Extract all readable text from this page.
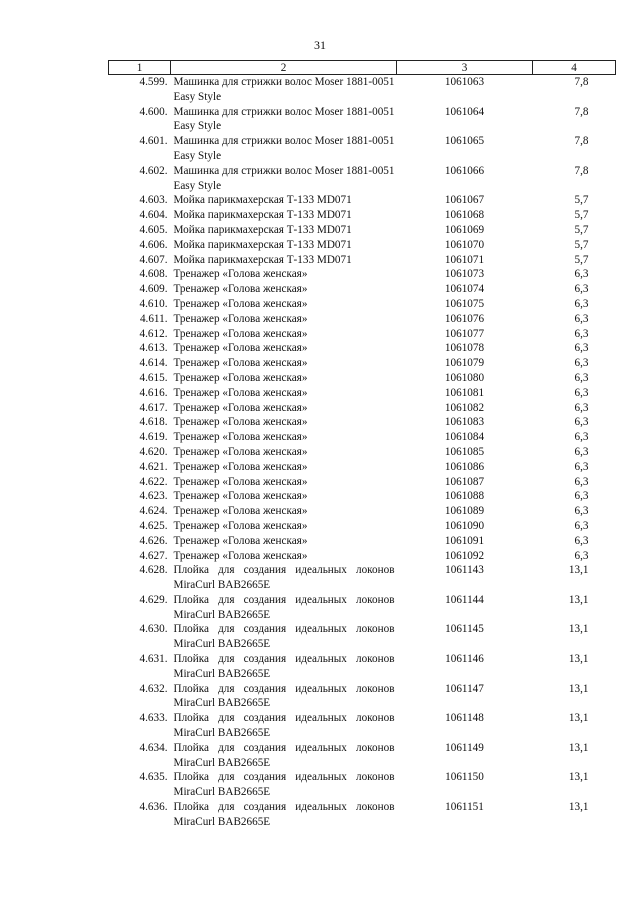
31
1	2	3	4
4.599.	Машинка для стрижки волос Moser 1881-0051 Easy Style	1061063	7,8
4.600.	Машинка для стрижки волос Moser 1881-0051 Easy Style	1061064	7,8
4.601.	Машинка для стрижки волос Moser 1881-0051 Easy Style	1061065	7,8
4.602.	Машинка для стрижки волос Moser 1881-0051 Easy Style	1061066	7,8
4.603.	Мойка парикмахерская Т-133 MD071	1061067	5,7
4.604.	Мойка парикмахерская Т-133 MD071	1061068	5,7
4.605.	Мойка парикмахерская Т-133 MD071	1061069	5,7
4.606.	Мойка парикмахерская Т-133 MD071	1061070	5,7
4.607.	Мойка парикмахерская Т-133 MD071	1061071	5,7
4.608.	Тренажер «Голова женская»	1061073	6,3
4.609.	Тренажер «Голова женская»	1061074	6,3
4.610.	Тренажер «Голова женская»	1061075	6,3
4.611.	Тренажер «Голова женская»	1061076	6,3
4.612.	Тренажер «Голова женская»	1061077	6,3
4.613.	Тренажер «Голова женская»	1061078	6,3
4.614.	Тренажер «Голова женская»	1061079	6,3
4.615.	Тренажер «Голова женская»	1061080	6,3
4.616.	Тренажер «Голова женская»	1061081	6,3
4.617.	Тренажер «Голова женская»	1061082	6,3
4.618.	Тренажер «Голова женская»	1061083	6,3
4.619.	Тренажер «Голова женская»	1061084	6,3
4.620.	Тренажер «Голова женская»	1061085	6,3
4.621.	Тренажер «Голова женская»	1061086	6,3
4.622.	Тренажер «Голова женская»	1061087	6,3
4.623.	Тренажер «Голова женская»	1061088	6,3
4.624.	Тренажер «Голова женская»	1061089	6,3
4.625.	Тренажер «Голова женская»	1061090	6,3
4.626.	Тренажер «Голова женская»	1061091	6,3
4.627.	Тренажер «Голова женская»	1061092	6,3
4.628.	Плойка для создания идеальных локонов MiraCurl BAB2665E	1061143	13,1
4.629.	Плойка для создания идеальных локонов MiraCurl BAB2665E	1061144	13,1
4.630.	Плойка для создания идеальных локонов MiraCurl BAB2665E	1061145	13,1
4.631.	Плойка для создания идеальных локонов MiraCurl BAB2665E	1061146	13,1
4.632.	Плойка для создания идеальных локонов MiraCurl BAB2665E	1061147	13,1
4.633.	Плойка для создания идеальных локонов MiraCurl BAB2665E	1061148	13,1
4.634.	Плойка для создания идеальных локонов MiraCurl BAB2665E	1061149	13,1
4.635.	Плойка для создания идеальных локонов MiraCurl BAB2665E	1061150	13,1
4.636.	Плойка для создания идеальных локонов MiraCurl BAB2665E	1061151	13,1
